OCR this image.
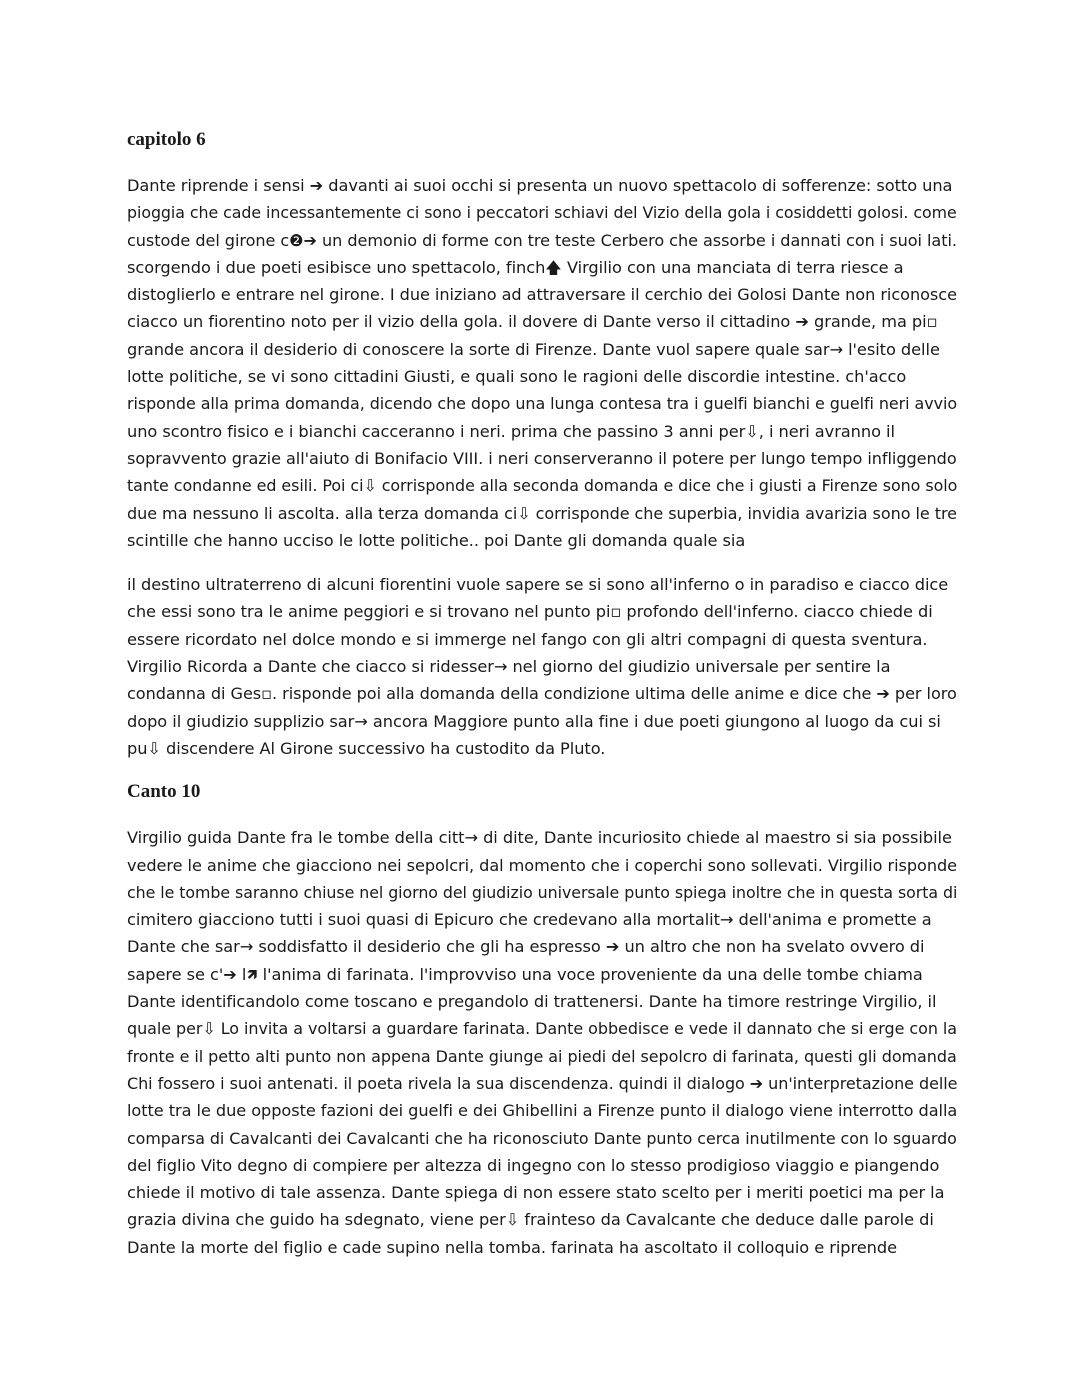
capitolo 6

Dante riprende i sensi ➔ davanti ai suoi occhi si presenta un nuovo spettacolo di sofferenze: sotto una
pioggia che cade incessantemente ci sono i peccatori schiavi del Vizio della gola i cosiddetti golosi. come
custode del girone c❷➔ un demonio di forme con tre teste Cerbero che assorbe i dannati con i suoi lati.
scorgendo i due poeti esibisce uno spettacolo, finch🡅 Virgilio con una manciata di terra riesce a
distoglierlo e entrare nel girone. I due iniziano ad attraversare il cerchio dei Golosi Dante non riconosce
ciacco un fiorentino noto per il vizio della gola. il dovere di Dante verso il cittadino ➔ grande, ma pi▫
grande ancora il desiderio di conoscere la sorte di Firenze. Dante vuol sapere quale sar→ l'esito delle
lotte politiche, se vi sono cittadini Giusti, e quali sono le ragioni delle discordie intestine. ch'acco
risponde alla prima domanda, dicendo che dopo una lunga contesa tra i guelfi bianchi e guelfi neri avvio
uno scontro fisico e i bianchi cacceranno i neri. prima che passino 3 anni per⇩, i neri avranno il
sopravvento grazie all'aiuto di Bonifacio VIII. i neri conserveranno il potere per lungo tempo infliggendo
tante condanne ed esili. Poi ci⇩ corrisponde alla seconda domanda e dice che i giusti a Firenze sono solo
due ma nessuno li ascolta. alla terza domanda ci⇩ corrisponde che superbia, invidia avarizia sono le tre
scintille che hanno ucciso le lotte politiche.. poi Dante gli domanda quale sia

il destino ultraterreno di alcuni fiorentini vuole sapere se si sono all'inferno o in paradiso e ciacco dice
che essi sono tra le anime peggiori e si trovano nel punto pi▫ profondo dell'inferno. ciacco chiede di
essere ricordato nel dolce mondo e si immerge nel fango con gli altri compagni di questa sventura.
Virgilio Ricorda a Dante che ciacco si ridesser→ nel giorno del giudizio universale per sentire la
condanna di Ges▫. risponde poi alla domanda della condizione ultima delle anime e dice che ➔ per loro
dopo il giudizio supplizio sar→ ancora Maggiore punto alla fine i due poeti giungono al luogo da cui si
pu⇩ discendere Al Girone successivo ha custodito da Pluto.

Canto 10

Virgilio guida Dante fra le tombe della citt→ di dite, Dante incuriosito chiede al maestro si sia possibile
vedere le anime che giacciono nei sepolcri, dal momento che i coperchi sono sollevati. Virgilio risponde
che le tombe saranno chiuse nel giorno del giudizio universale punto spiega inoltre che in questa sorta di
cimitero giacciono tutti i suoi quasi di Epicuro che credevano alla mortalit→ dell'anima e promette a
Dante che sar→ soddisfatto il desiderio che gli ha espresso ➔ un altro che non ha svelato ovvero di
sapere se c'➔ l🡽 l'anima di farinata. l'improvviso una voce proveniente da una delle tombe chiama
Dante identificandolo come toscano e pregandolo di trattenersi. Dante ha timore restringe Virgilio, il
quale per⇩ Lo invita a voltarsi a guardare farinata. Dante obbedisce e vede il dannato che si erge con la
fronte e il petto alti punto non appena Dante giunge ai piedi del sepolcro di farinata, questi gli domanda
Chi fossero i suoi antenati. il poeta rivela la sua discendenza. quindi il dialogo ➔ un'interpretazione delle
lotte tra le due opposte fazioni dei guelfi e dei Ghibellini a Firenze punto il dialogo viene interrotto dalla
comparsa di Cavalcanti dei Cavalcanti che ha riconosciuto Dante punto cerca inutilmente con lo sguardo
del figlio Vito degno di compiere per altezza di ingegno con lo stesso prodigioso viaggio e piangendo
chiede il motivo di tale assenza. Dante spiega di non essere stato scelto per i meriti poetici ma per la
grazia divina che guido ha sdegnato, viene per⇩ frainteso da Cavalcante che deduce dalle parole di
Dante la morte del figlio e cade supino nella tomba. farinata ha ascoltato il colloquio e riprende
